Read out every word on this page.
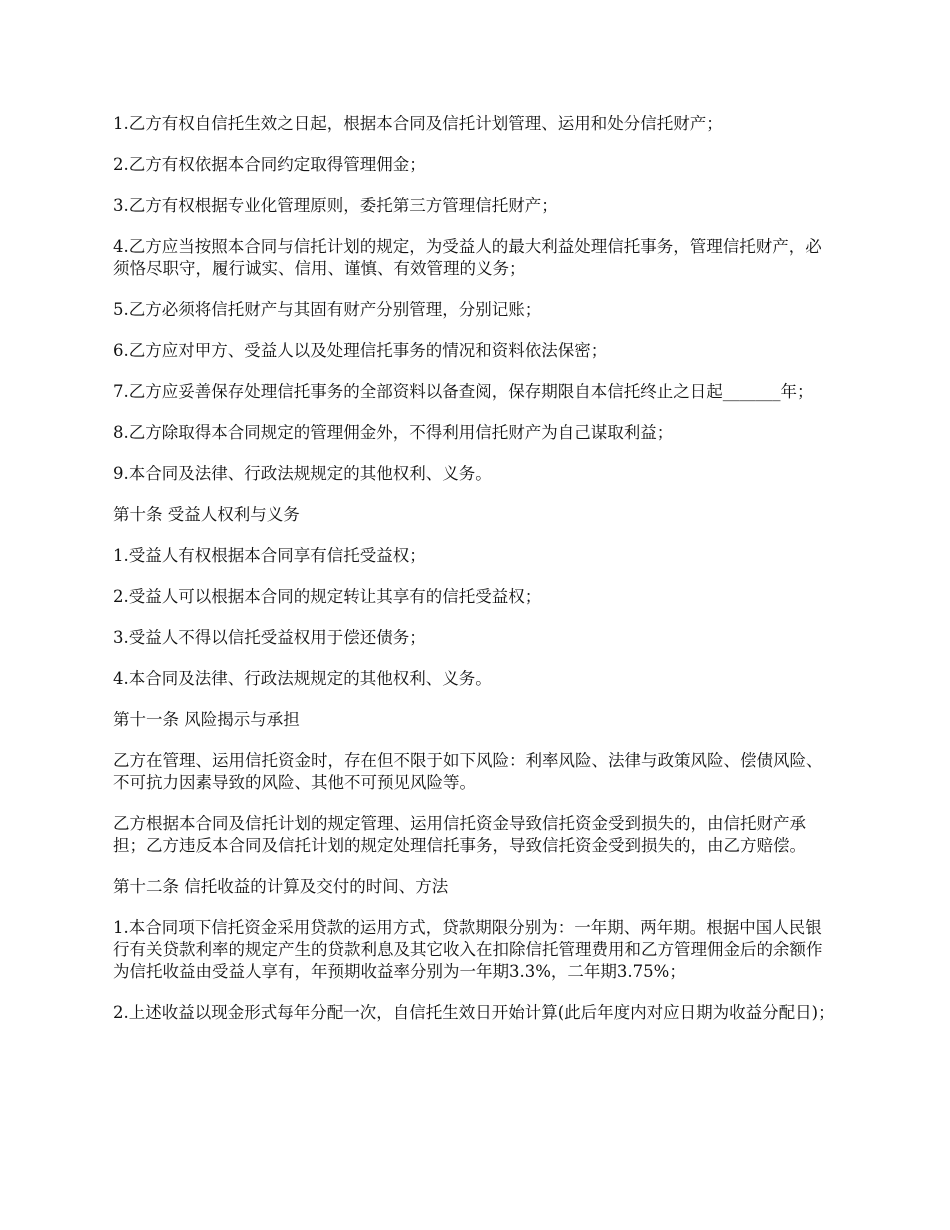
1.乙方有权自信托生效之日起，根据本合同及信托计划管理、运用和处分信托财产；

2.乙方有权依据本合同约定取得管理佣金；

3.乙方有权根据专业化管理原则，委托第三方管理信托财产；

4.乙方应当按照本合同与信托计划的规定，为受益人的最大利益处理信托事务，管理信托财产，必须恪尽职守，履行诚实、信用、谨慎、有效管理的义务；

5.乙方必须将信托财产与其固有财产分别管理，分别记账；

6.乙方应对甲方、受益人以及处理信托事务的情况和资料依法保密；

7.乙方应妥善保存处理信托事务的全部资料以备查阅，保存期限自本信托终止之日起_______年；

8.乙方除取得本合同规定的管理佣金外，不得利用信托财产为自己谋取利益；

9.本合同及法律、行政法规规定的其他权利、义务。

第十条 受益人权利与义务

1.受益人有权根据本合同享有信托受益权；

2.受益人可以根据本合同的规定转让其享有的信托受益权；

3.受益人不得以信托受益权用于偿还债务；

4.本合同及法律、行政法规规定的其他权利、义务。

第十一条 风险揭示与承担

乙方在管理、运用信托资金时，存在但不限于如下风险：利率风险、法律与政策风险、偿债风险、不可抗力因素导致的风险、其他不可预见风险等。

乙方根据本合同及信托计划的规定管理、运用信托资金导致信托资金受到损失的，由信托财产承担；乙方违反本合同及信托计划的规定处理信托事务，导致信托资金受到损失的，由乙方赔偿。

第十二条 信托收益的计算及交付的时间、方法

1.本合同项下信托资金采用贷款的运用方式，贷款期限分别为：一年期、两年期。根据中国人民银行有关贷款利率的规定产生的贷款利息及其它收入在扣除信托管理费用和乙方管理佣金后的余额作为信托收益由受益人享有，年预期收益率分别为一年期3.3%，二年期3.75%；

2.上述收益以现金形式每年分配一次，自信托生效日开始计算(此后年度内对应日期为收益分配日)；
